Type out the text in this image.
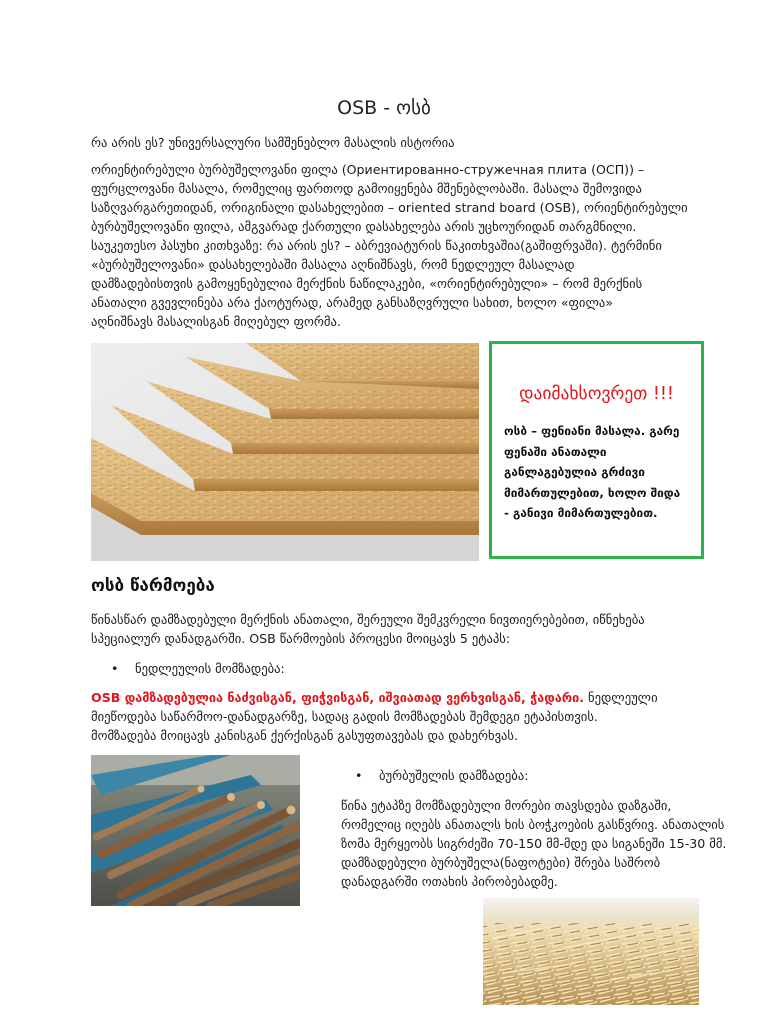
OSB - ოსბ
რა არის ეს? უნივერსალური სამშენებლო მასალის ისტორია

ორიენტირებული ბურბუშელოვანი ფილა (Ориентированно-стружечная плита (ОСП)) –

ფურცლოვანი მასალა, რომელიც ფართოდ გამოიყენება მშენებლობაში. მასალა შემოვიდა

საზღვარგარეთიდან, ორიგინალი დასახელებით – oriented strand board (OSB), ორიენტირებული

ბურბუშელოვანი ფილა, ამგვარად ქართული დასახელება არის უცხოურიდან თარგმნილი.

საუკეთესო პასუხი კითხვაზე: რა არის ეს? – აბრევიატურის წაკითხვაშია(გაშიფრვაში). ტერმინი

«ბურბუშელოვანი» დასახელებაში მასალა აღნიშნავს, რომ ნედლეულ მასალად

დამზადებისთვის გამოყენებულია მერქნის ნაწილაკები, «ორიენტირებული» – რომ მერქნის

ანათალი გვევლინება არა ქაოტურად, არამედ განსაზღვრული სახით, ხოლო «ფილა»

აღნიშნავს მასალისგან მიღებულ ფორმა.

დაიმახსოვრეთ !!!
ოსბ – ფენიანი მასალა. გარე
ფენაში ანათალი
განლაგებულია გრძივი
მიმართულებით, ხოლო შიდა
- განივი მიმართულებით.
ოსბ წარმოება
წინასწარ დამზადებული მერქნის ანათალი, შერეული შემკვრელი ნივთიერებებით, იწნეხება
სპეციალურ დანადგარში. OSB წარმოების პროცესი მოიცავს 5 ეტაპს:
• ნედლეულის მომზადება:
OSB დამზადებულია ნაძვისგან, ფიჭვისგან, იშვიათად ვერხვისგან, ჭადარი. ნედლეული
მიეწოდება საწარმოო-დანადგარზე, სადაც გადის მომზადებას შემდეგი ეტაპისთვის.
მომზადება მოიცავს კანისგან ქერქისგან გასუფთავებას და დახერხვას.
• ბურბუშელის დამზადება:
წინა ეტაპზე მომზადებული მორები თავსდება დაზგაში,
რომელიც იღებს ანათალს ხის ბოჭკოების გასწვრივ. ანათალის
ზომა მერყეობს სიგრძეში 70-150 მმ-მდე და სიგანეში 15-30 მმ.
დამზადებული ბურბუშელა(ნაფოტები) შრება საშრობ
დანადგარში ოთახის პირობებადმე.
